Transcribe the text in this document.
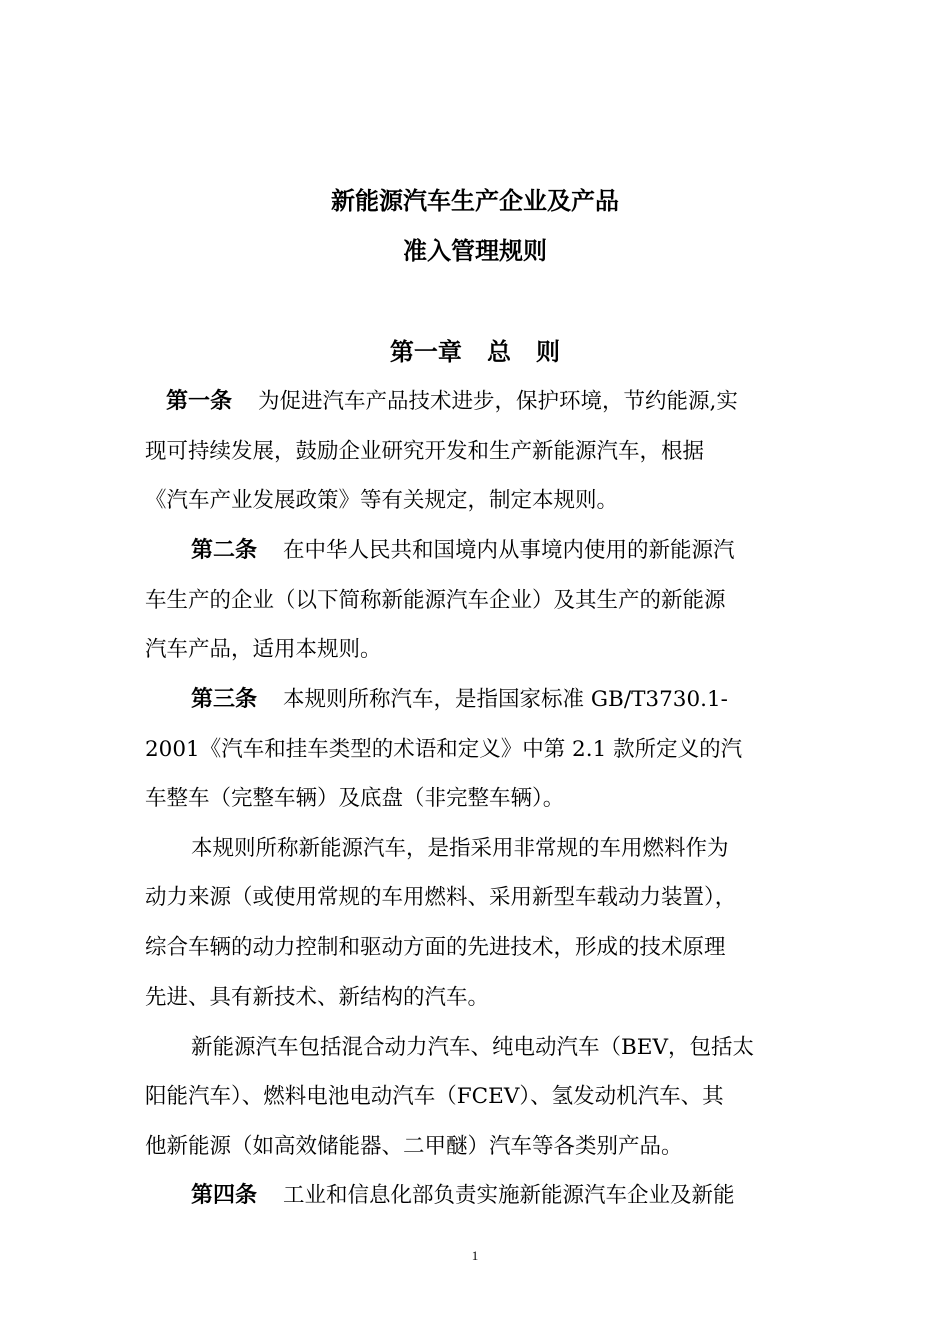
新能源汽车生产企业及产品
准入管理规则
第一章   总   则
第一条 为促进汽车产品技术进步，保护环境，节约能源,实
现可持续发展，鼓励企业研究开发和生产新能源汽车，根据
《汽车产业发展政策》等有关规定，制定本规则。
第二条 在中华人民共和国境内从事境内使用的新能源汽
车生产的企业（以下简称新能源汽车企业）及其生产的新能源
汽车产品，适用本规则。
第三条 本规则所称汽车，是指国家标准 GB/T3730.1-
2001《汽车和挂车类型的术语和定义》中第 2.1 款所定义的汽
车整车（完整车辆）及底盘（非完整车辆）。
本规则所称新能源汽车，是指采用非常规的车用燃料作为
动力来源（或使用常规的车用燃料、采用新型车载动力装置），
综合车辆的动力控制和驱动方面的先进技术，形成的技术原理
先进、具有新技术、新结构的汽车。
新能源汽车包括混合动力汽车、纯电动汽车（BEV，包括太
阳能汽车）、燃料电池电动汽车（FCEV）、氢发动机汽车、其
他新能源（如高效储能器、二甲醚）汽车等各类别产品。
第四条 工业和信息化部负责实施新能源汽车企业及新能
1
